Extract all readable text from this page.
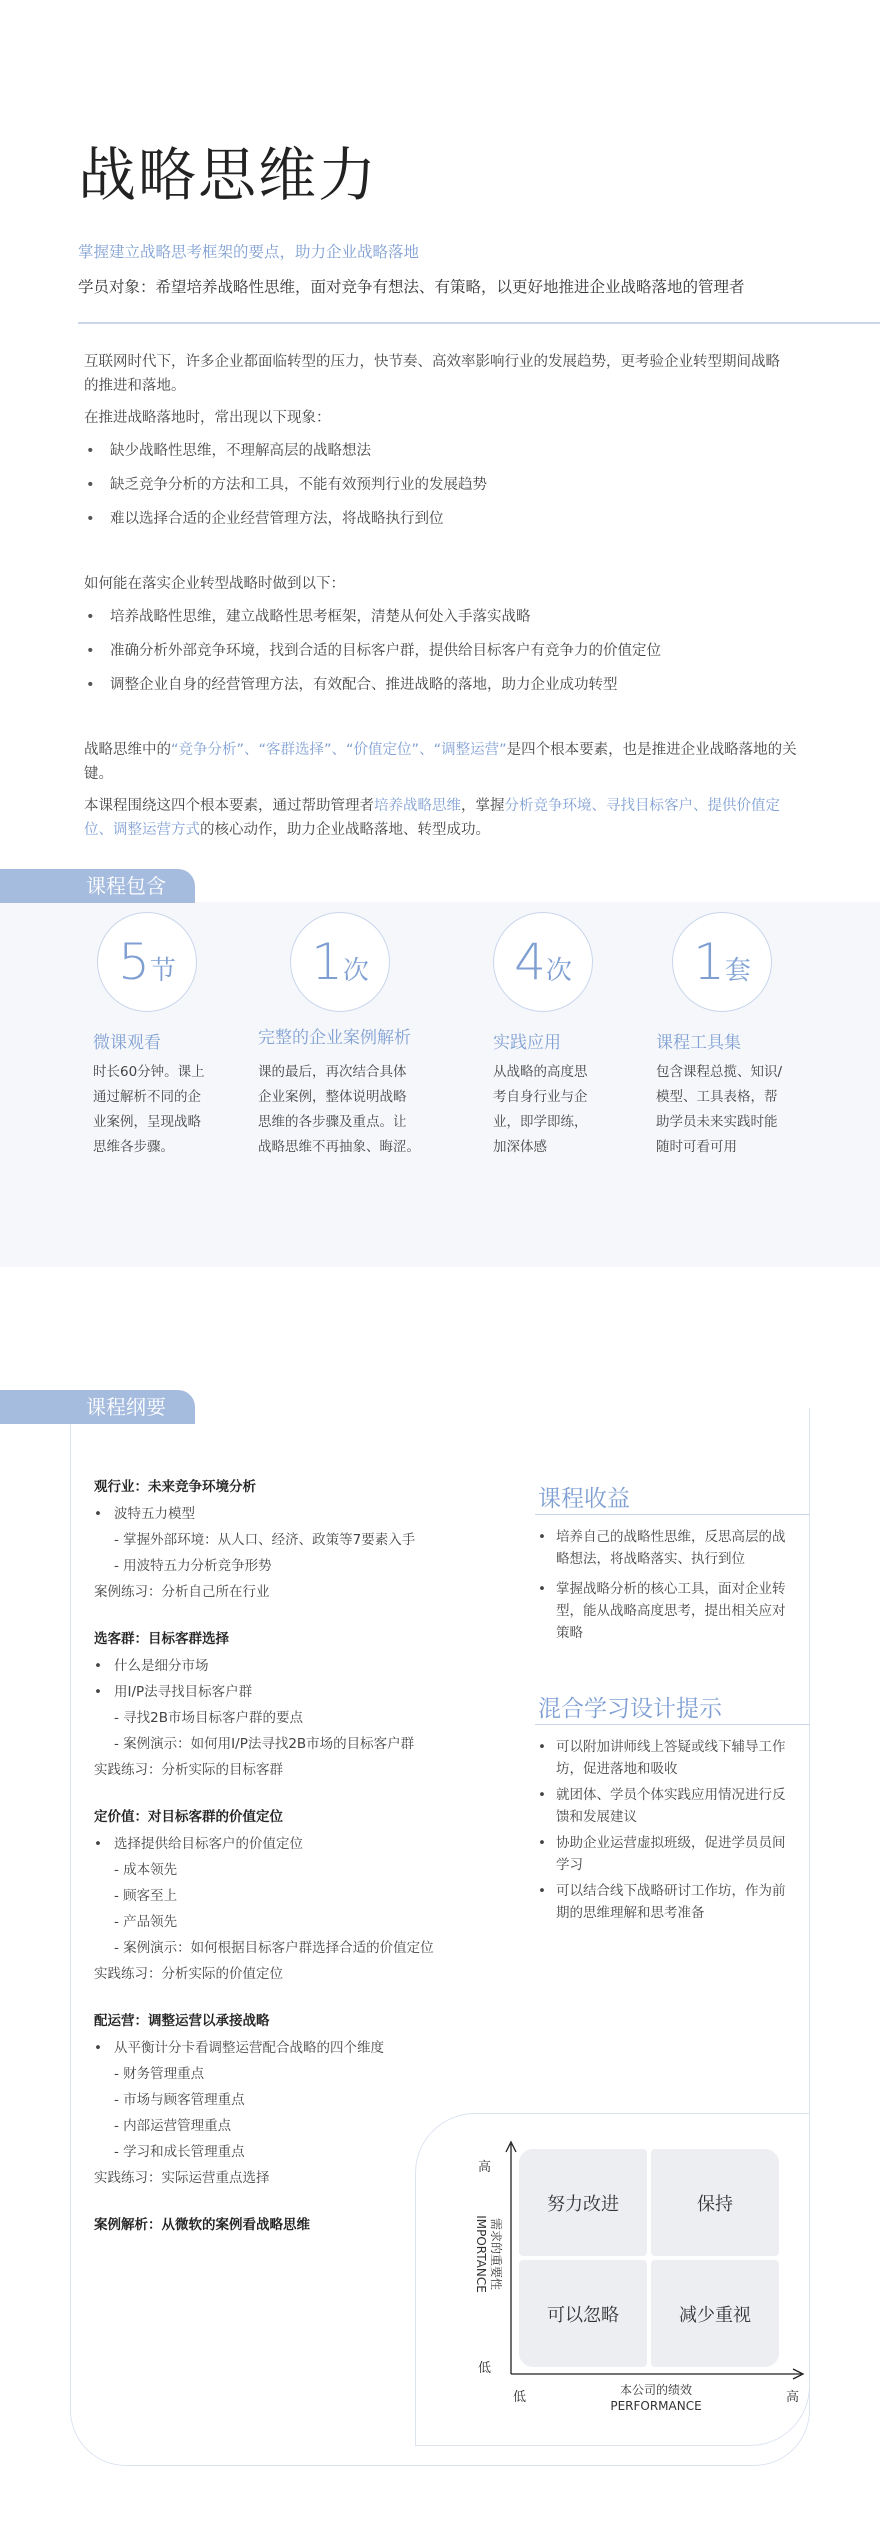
战略思维力
掌握建立战略思考框架的要点，助力企业战略落地
学员对象：希望培养战略性思维，面对竞争有想法、有策略，以更好地推进企业战略落地的管理者
互联网时代下，许多企业都面临转型的压力，快节奏、高效率影响行业的发展趋势，更考验企业转型期间战略的推进和落地。
在推进战略落地时，常出现以下现象：
• 缺少战略性思维，不理解高层的战略想法
• 缺乏竞争分析的方法和工具，不能有效预判行业的发展趋势
• 难以选择合适的企业经营管理方法，将战略执行到位
如何能在落实企业转型战略时做到以下：
• 培养战略性思维，建立战略性思考框架，清楚从何处入手落实战略
• 准确分析外部竞争环境，找到合适的目标客户群，提供给目标客户有竞争力的价值定位
• 调整企业自身的经营管理方法，有效配合、推进战略的落地，助力企业成功转型
战略思维中的“竞争分析”、“客群选择”、“价值定位”、“调整运营”是四个根本要素，也是推进企业战略落地的关键。
本课程围绕这四个根本要素，通过帮助管理者培养战略思维，掌握分析竞争环境、寻找目标客户、提供价值定位、调整运营方式的核心动作，助力企业战略落地、转型成功。
课程包含
5节	1次	4次	1套
微课观看	完整的企业案例解析	实践应用	课程工具集
时长60分钟。课上
通过解析不同的企
业案例，呈现战略
思维各步骤。
课的最后，再次结合具体
企业案例，整体说明战略
思维的各步骤及重点。让
战略思维不再抽象、晦涩。
从战略的高度思
考自身行业与企
业，即学即练，
加深体感
包含课程总揽、知识/
模型、工具表格，帮
助学员未来实践时能
随时可看可用
课程纲要
观行业：未来竞争环境分析
• 波特五力模型
- 掌握外部环境：从人口、经济、政策等7要素入手
- 用波特五力分析竞争形势
案例练习：分析自己所在行业
选客群：目标客群选择
• 什么是细分市场
• 用I/P法寻找目标客户群
- 寻找2B市场目标客户群的要点
- 案例演示：如何用I/P法寻找2B市场的目标客户群
实践练习：分析实际的目标客群
定价值：对目标客群的价值定位
• 选择提供给目标客户的价值定位
- 成本领先
- 顾客至上
- 产品领先
- 案例演示：如何根据目标客户群选择合适的价值定位
实践练习：分析实际的价值定位
配运营：调整运营以承接战略
• 从平衡计分卡看调整运营配合战略的四个维度
- 财务管理重点
- 市场与顾客管理重点
- 内部运营管理重点
- 学习和成长管理重点
实践练习：实际运营重点选择
案例解析：从微软的案例看战略思维
课程收益
• 培养自己的战略性思维，反思高层的战略想法，将战略落实、执行到位
• 掌握战略分析的核心工具，面对企业转型，能从战略高度思考，提出相关应对策略
混合学习设计提示
• 可以附加讲师线上答疑或线下辅导工作坊，促进落地和吸收
• 就团体、学员个体实践应用情况进行反馈和发展建议
• 协助企业运营虚拟班级，促进学员员间学习
• 可以结合线下战略研讨工作坊，作为前期的思维理解和思考准备
努力改进	保持
可以忽略	减少重视
高
低
需求的重要性
IMPORTANCE
低	高
本公司的绩效
PERFORMANCE
